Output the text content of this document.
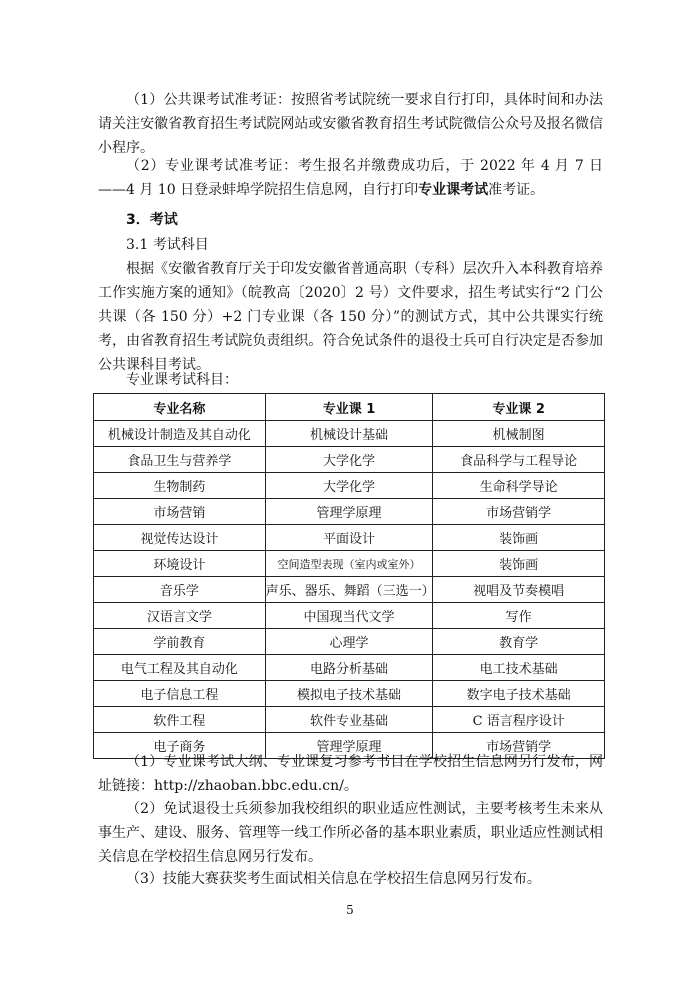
（1）公共课考试准考证：按照省考试院统一要求自行打印，具体时间和办法请关注安徽省教育招生考试院网站或安徽省教育招生考试院微信公众号及报名微信小程序。

（2）专业课考试准考证：考生报名并缴费成功后，于 2022 年 4 月 7 日——4 月 10 日登录蚌埠学院招生信息网，自行打印专业课考试准考证。

3．考试

3.1 考试科目

根据《安徽省教育厅关于印发安徽省普通高职（专科）层次升入本科教育培养工作实施方案的通知》（皖教高〔2020〕2 号）文件要求，招生考试实行“2 门公共课（各 150 分）+2 门专业课（各 150 分）”的测试方式，其中公共课实行统考，由省教育招生考试院负责组织。符合免试条件的退役士兵可自行决定是否参加公共课科目考试。

专业课考试科目：

专业名称	专业课 1	专业课 2
机械设计制造及其自动化	机械设计基础	机械制图
食品卫生与营养学	大学化学	食品科学与工程导论
生物制药	大学化学	生命科学导论
市场营销	管理学原理	市场营销学
视觉传达设计	平面设计	装饰画
环境设计	空间造型表现（室内或室外）	装饰画
音乐学	声乐、器乐、舞蹈（三选一）	视唱及节奏模唱
汉语言文学	中国现当代文学	写作
学前教育	心理学	教育学
电气工程及其自动化	电路分析基础	电工技术基础
电子信息工程	模拟电子技术基础	数字电子技术基础
软件工程	软件专业基础	C 语言程序设计
电子商务	管理学原理	市场营销学

（1）专业课考试大纲、专业课复习参考书目在学校招生信息网另行发布，网址链接：http://zhaoban.bbc.edu.cn/。

（2）免试退役士兵须参加我校组织的职业适应性测试，主要考核考生未来从事生产、建设、服务、管理等一线工作所必备的基本职业素质，职业适应性测试相关信息在学校招生信息网另行发布。

（3）技能大赛获奖考生面试相关信息在学校招生信息网另行发布。

5
